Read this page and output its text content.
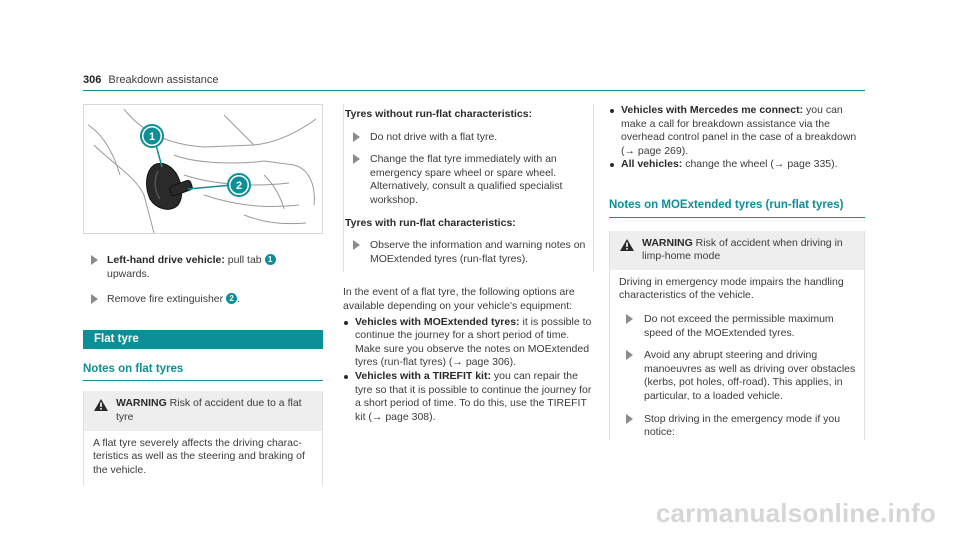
306 Breakdown assistance
1
2
Left-hand drive vehicle: pull tab 1
upwards.
Remove fire extinguisher 2 .
Flat tyre
Notes on flat tyres
WARNING Risk of accident due to a flat tyre
A flat tyre severely affects the driving characteristics as well as the steering and braking of the vehicle.
Tyres without run-flat characteristics:
Do not drive with a flat tyre.
Change the flat tyre immediately with an emergency spare wheel or spare wheel. Alternatively, consult a qualified specialist workshop.
Tyres with run-flat characteristics:
Observe the information and warning notes on MOExtended tyres (run-flat tyres).

In the event of a flat tyre, the following options are available depending on your vehicle's equipment:

Vehicles with MOExtended tyres: it is possible to continue the journey for a short period of time. Make sure you observe the notes on MOExtended tyres (run-flat tyres) (→ page 306).
Vehicles with a TIREFIT kit: you can repair the tyre so that it is possible to continue the journey for a short period of time. To do this, use the TIREFIT kit (→ page 308).
Vehicles with Mercedes me connect: you can make a call for breakdown assistance via the overhead control panel in the case of a breakdown (→ page 269).
All vehicles: change the wheel (→ page 335).
Notes on MOExtended tyres (run-flat tyres)
WARNING Risk of accident when driving in limp-home mode
Driving in emergency mode impairs the handling characteristics of the vehicle.
Do not exceed the permissible maximum speed of the MOExtended tyres.
Avoid any abrupt steering and driving manoeuvres as well as driving over obstacles (kerbs, pot holes, off-road). This applies, in particular, to a loaded vehicle.
Stop driving in the emergency mode if you notice:
carmanualsonline.info
